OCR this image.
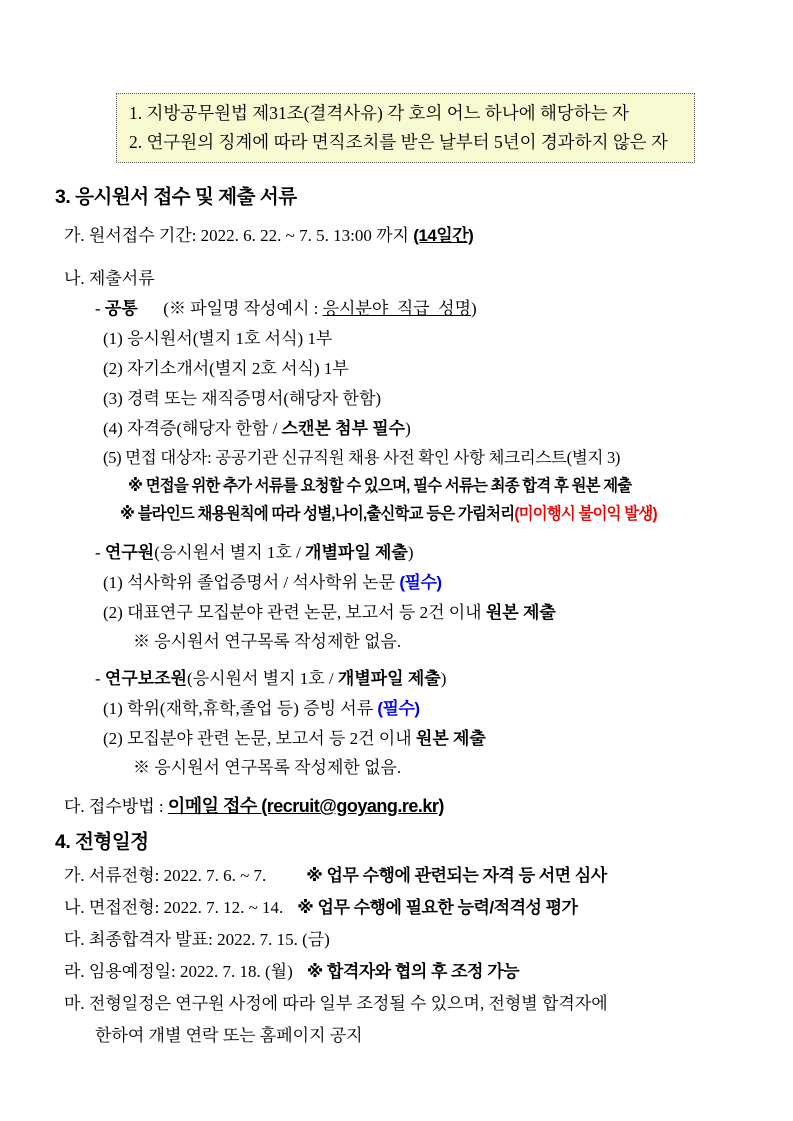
1. 지방공무원법 제31조(결격사유) 각 호의 어느 하나에 해당하는 자
2. 연구원의 징계에 따라 면직조치를 받은 날부터 5년이 경과하지 않은 자
3. 응시원서 접수 및 제출 서류
가. 원서접수 기간: 2022. 6. 22. ~ 7. 5. 13:00 까지 (14일간)
나. 제출서류
- 공통      (※ 파일명 작성예시 : 응시분야_직급_성명)
(1) 응시원서(별지 1호 서식) 1부
(2) 자기소개서(별지 2호 서식) 1부
(3) 경력 또는 재직증명서(해당자 한함)
(4) 자격증(해당자 한함 / 스캔본 첨부 필수)
(5) 면접 대상자: 공공기관 신규직원 채용 사전 확인 사항 체크리스트(별지 3)
※ 면접을 위한 추가 서류를 요청할 수 있으며, 필수 서류는 최종 합격 후 원본 제출
※ 블라인드 채용원칙에 따라 성별,나이,출신학교 등은 가림처리(미이행시 불이익 발생)
- 연구원(응시원서 별지 1호 / 개별파일 제출)
(1) 석사학위 졸업증명서 / 석사학위 논문 (필수)
(2) 대표연구 모집분야 관련 논문, 보고서 등 2건 이내 원본 제출
※ 응시원서 연구목록 작성제한 없음.
- 연구보조원(응시원서 별지 1호 / 개별파일 제출)
(1) 학위(재학,휴학,졸업 등) 증빙 서류 (필수)
(2) 모집분야 관련 논문, 보고서 등 2건 이내 원본 제출
※ 응시원서 연구목록 작성제한 없음.
다. 접수방법 : 이메일 접수 (recruit@goyang.re.kr)
4. 전형일정
가. 서류전형: 2022. 7. 6. ~ 7. ※ 업무 수행에 관련되는 자격 등 서면 심사
나. 면접전형: 2022. 7. 12. ~ 14. ※ 업무 수행에 필요한 능력/적격성 평가
다. 최종합격자 발표: 2022. 7. 15. (금)
라. 임용예정일: 2022. 7. 18. (월) ※ 합격자와 협의 후 조정 가능
마. 전형일정은 연구원 사정에 따라 일부 조정될 수 있으며, 전형별 합격자에
한하여 개별 연락 또는 홈페이지 공지
